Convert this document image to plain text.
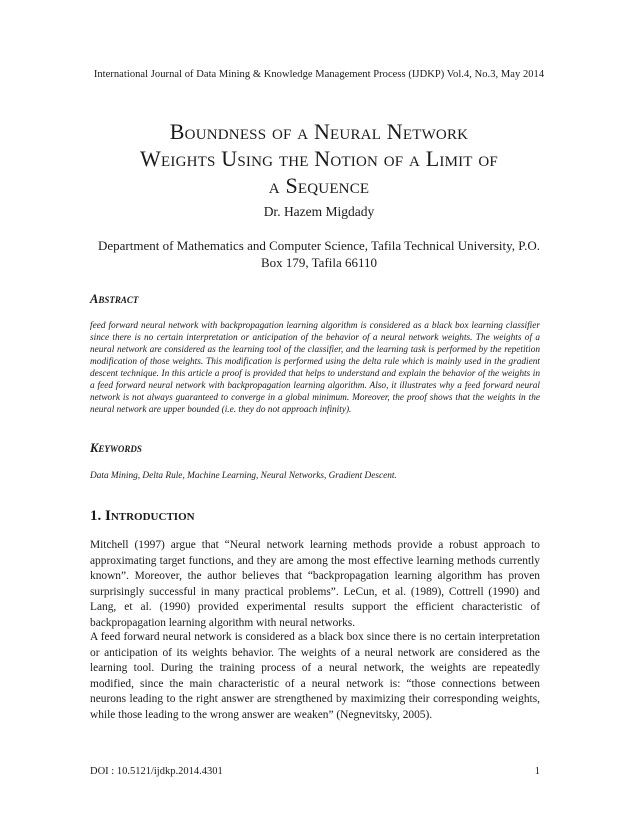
International Journal of Data Mining & Knowledge Management Process (IJDKP) Vol.4, No.3, May 2014
Boundness of a Neural Network
Weights Using the Notion of a Limit of
a Sequence
Dr. Hazem Migdady
Department of Mathematics and Computer Science, Tafila Technical University, P.O. Box 179, Tafila 66110
Abstract

feed forward neural network with backpropagation learning algorithm is considered as a black box learning classifier since there is no certain interpretation or anticipation of the behavior of a neural network weights. The weights of a neural network are considered as the learning tool of the classifier, and the learning task is performed by the repetition modification of those weights. This modification is performed using the delta rule which is mainly used in the gradient descent technique. In this article a proof is provided that helps to understand and explain the behavior of the weights in a feed forward neural network with backpropagation learning algorithm. Also, it illustrates why a feed forward neural network is not always guaranteed to converge in a global minimum. Moreover, the proof shows that the weights in the neural network are upper bounded (i.e. they do not approach infinity).

Keywords

Data Mining, Delta Rule, Machine Learning, Neural Networks, Gradient Descent.

1. Introduction

Mitchell (1997) argue that “Neural network learning methods provide a robust approach to approximating target functions, and they are among the most effective learning methods currently known”. Moreover, the author believes that “backpropagation learning algorithm has proven surprisingly successful in many practical problems”. LeCun, et al. (1989), Cottrell (1990) and Lang, et al. (1990) provided experimental results support the efficient characteristic of backpropagation learning algorithm with neural networks.

A feed forward neural network is considered as a black box since there is no certain interpretation or anticipation of its weights behavior. The weights of a neural network are considered as the learning tool. During the training process of a neural network, the weights are repeatedly modified, since the main characteristic of a neural network is: “those connections between neurons leading to the right answer are strengthened by maximizing their corresponding weights, while those leading to the wrong answer are weaken” (Negnevitsky, 2005).

DOI : 10.5121/ijdkp.2014.4301	1
